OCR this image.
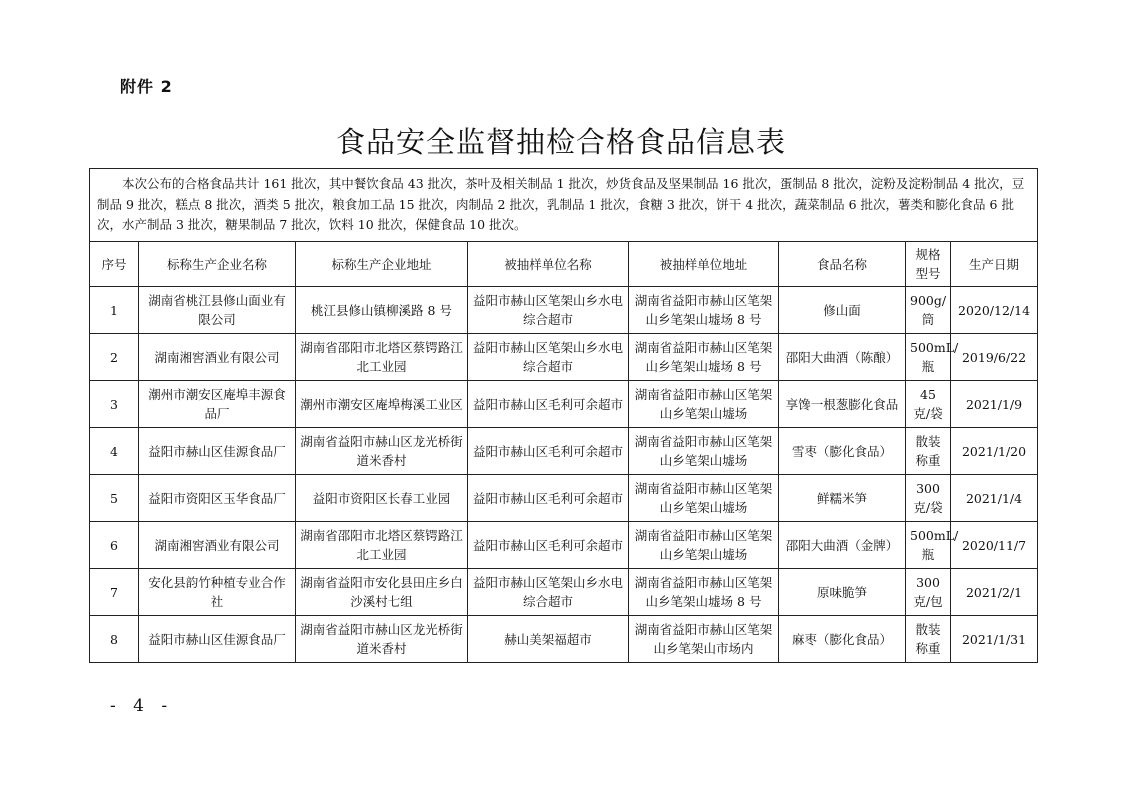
附件 2
食品安全监督抽检合格食品信息表
本次公布的合格食品共计 161 批次，其中餐饮食品 43 批次，茶叶及相关制品 1 批次，炒货食品及坚果制品 16 批次，蛋制品 8 批次，淀粉及淀粉制品 4 批次，豆制品 9 批次，糕点 8 批次，酒类 5 批次，粮食加工品 15 批次，肉制品 2 批次，乳制品 1 批次，食糖 3 批次，饼干 4 批次，蔬菜制品 6 批次，薯类和膨化食品 6 批次，水产制品 3 批次，糖果制品 7 批次，饮料 10 批次，保健食品 10 批次。							

序号	标称生产企业名称	标称生产企业地址	被抽样单位名称	被抽样单位地址	食品名称	规格型号	生产日期
1	湖南省桃江县修山面业有限公司	桃江县修山镇柳溪路 8 号	益阳市赫山区笔架山乡水电综合超市	湖南省益阳市赫山区笔架山乡笔架山墟场 8 号	修山面	900g/筒	2020/12/14
2	湖南湘窖酒业有限公司	湖南省邵阳市北塔区蔡锷路江北工业园	益阳市赫山区笔架山乡水电综合超市	湖南省益阳市赫山区笔架山乡笔架山墟场 8 号	邵阳大曲酒（陈酿）	500mL/瓶	2019/6/22
3	潮州市潮安区庵埠丰源食品厂	潮州市潮安区庵埠梅溪工业区	益阳市赫山区毛利可余超市	湖南省益阳市赫山区笔架山乡笔架山墟场	享馋一根葱膨化食品	45 克/袋	2021/1/9
4	益阳市赫山区佳源食品厂	湖南省益阳市赫山区龙光桥街道米香村	益阳市赫山区毛利可余超市	湖南省益阳市赫山区笔架山乡笔架山墟场	雪枣（膨化食品）	散装称重	2021/1/20
5	益阳市资阳区玉华食品厂	益阳市资阳区长春工业园	益阳市赫山区毛利可余超市	湖南省益阳市赫山区笔架山乡笔架山墟场	鲜糯米笋	300 克/袋	2021/1/4
6	湖南湘窖酒业有限公司	湖南省邵阳市北塔区蔡锷路江北工业园	益阳市赫山区毛利可余超市	湖南省益阳市赫山区笔架山乡笔架山墟场	邵阳大曲酒（金牌）	500mL/瓶	2020/11/7
7	安化县韵竹种植专业合作社	湖南省益阳市安化县田庄乡白沙溪村七组	益阳市赫山区笔架山乡水电综合超市	湖南省益阳市赫山区笔架山乡笔架山墟场 8 号	原味脆笋	300 克/包	2021/2/1
8	益阳市赫山区佳源食品厂	湖南省益阳市赫山区龙光桥街道米香村	赫山美架福超市	湖南省益阳市赫山区笔架山乡笔架山市场内	麻枣（膨化食品）	散装称重	2021/1/31
- 4 -
